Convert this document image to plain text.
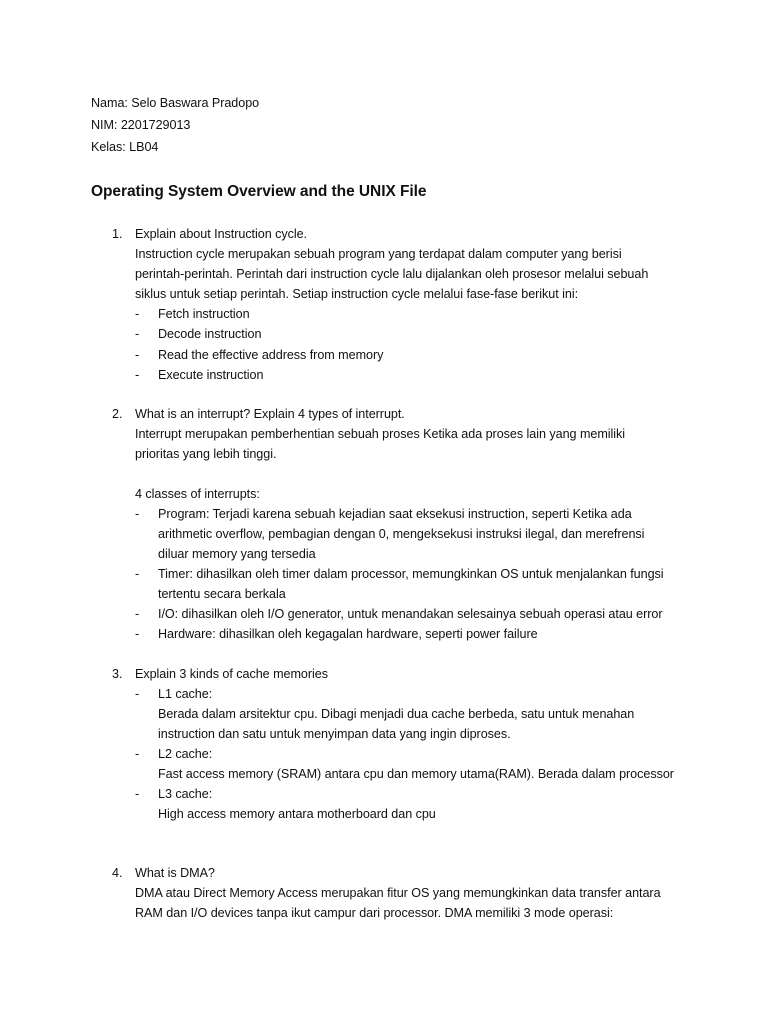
Nama: Selo Baswara Pradopo
NIM: 2201729013
Kelas: LB04
Operating System Overview and the UNIX File
1. Explain about Instruction cycle.
Instruction cycle merupakan sebuah program yang terdapat dalam computer yang berisi
perintah-perintah. Perintah dari instruction cycle lalu dijalankan oleh prosesor melalui sebuah
siklus untuk setiap perintah. Setiap instruction cycle melalui fase-fase berikut ini:
- Fetch instruction
- Decode instruction
- Read the effective address from memory
- Execute instruction
2. What is an interrupt? Explain 4 types of interrupt.
Interrupt merupakan pemberhentian sebuah proses Ketika ada proses lain yang memiliki
prioritas yang lebih tinggi.
4 classes of interrupts:
- Program: Terjadi karena sebuah kejadian saat eksekusi instruction, seperti Ketika ada
arithmetic overflow, pembagian dengan 0, mengeksekusi instruksi ilegal, dan merefrensi
diluar memory yang tersedia
- Timer: dihasilkan oleh timer dalam processor, memungkinkan OS untuk menjalankan fungsi
tertentu secara berkala
- I/O: dihasilkan oleh I/O generator, untuk menandakan selesainya sebuah operasi atau error
- Hardware: dihasilkan oleh kegagalan hardware, seperti power failure
3. Explain 3 kinds of cache memories
- L1 cache:
Berada dalam arsitektur cpu. Dibagi menjadi dua cache berbeda, satu untuk menahan
instruction dan satu untuk menyimpan data yang ingin diproses.
- L2 cache:
Fast access memory (SRAM) antara cpu dan memory utama(RAM). Berada dalam processor
- L3 cache:
High access memory antara motherboard dan cpu
4. What is DMA?
DMA atau Direct Memory Access merupakan fitur OS yang memungkinkan data transfer antara
RAM dan I/O devices tanpa ikut campur dari processor. DMA memiliki 3 mode operasi:
